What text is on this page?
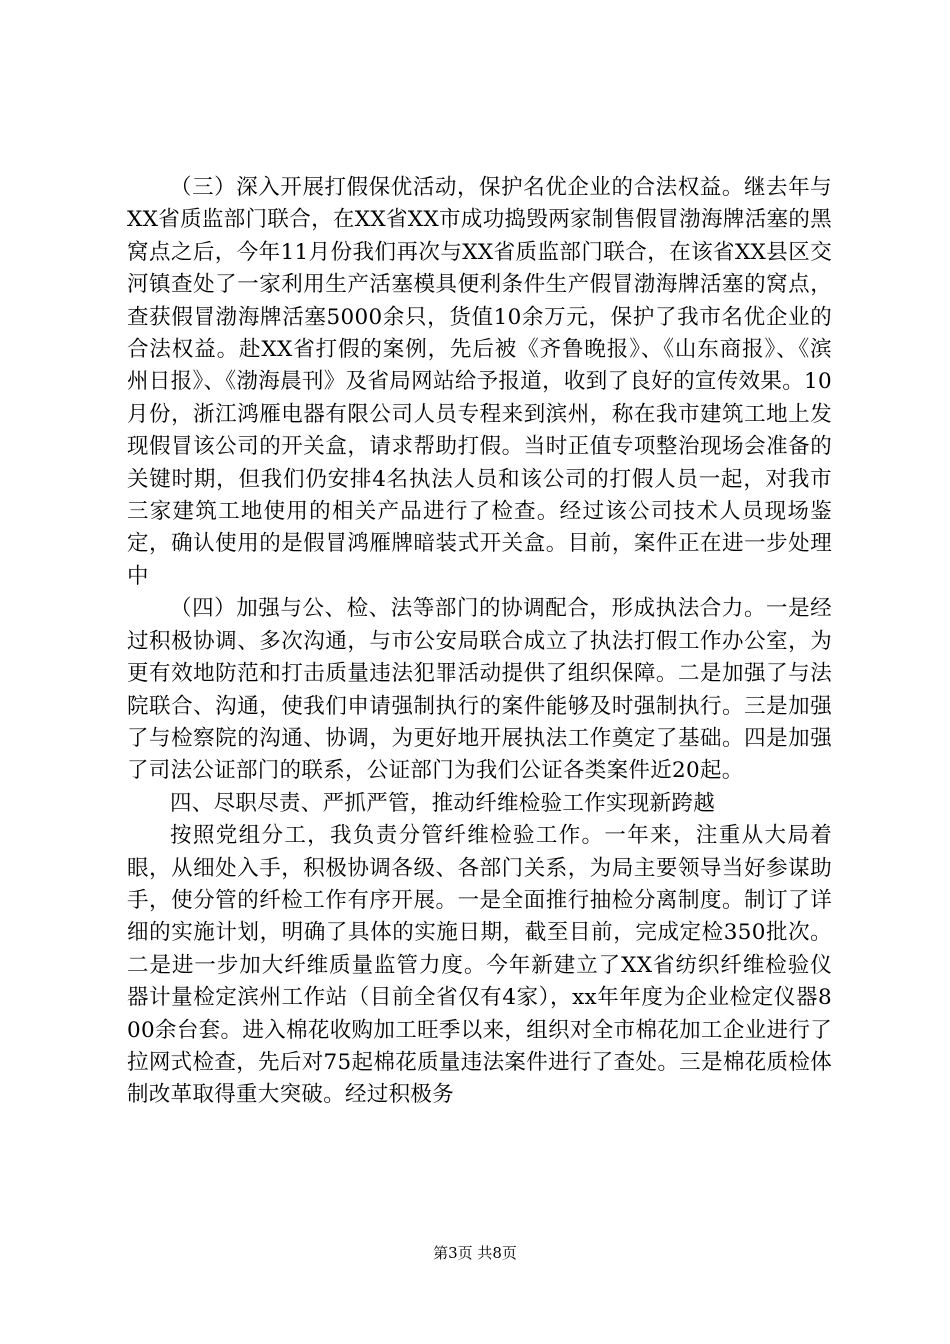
（三）深入开展打假保优活动，保护名优企业的合法权益。继去年与XX省质监部门联合，在XX省XX市成功捣毁两家制售假冒渤海牌活塞的黑窝点之后，今年11月份我们再次与XX省质监部门联合，在该省XX县区交河镇查处了一家利用生产活塞模具便利条件生产假冒渤海牌活塞的窝点，查获假冒渤海牌活塞5000余只，货值10余万元，保护了我市名优企业的合法权益。赴XX省打假的案例，先后被《齐鲁晚报》、《山东商报》、《滨州日报》、《渤海晨刊》及省局网站给予报道，收到了良好的宣传效果。10月份，浙江鸿雁电器有限公司人员专程来到滨州，称在我市建筑工地上发现假冒该公司的开关盒，请求帮助打假。当时正值专项整治现场会准备的关键时期，但我们仍安排4名执法人员和该公司的打假人员一起，对我市三家建筑工地使用的相关产品进行了检查。经过该公司技术人员现场鉴定，确认使用的是假冒鸿雁牌暗装式开关盒。目前，案件正在进一步处理中

（四）加强与公、检、法等部门的协调配合，形成执法合力。一是经过积极协调、多次沟通，与市公安局联合成立了执法打假工作办公室，为更有效地防范和打击质量违法犯罪活动提供了组织保障。二是加强了与法院联合、沟通，使我们申请强制执行的案件能够及时强制执行。三是加强了与检察院的沟通、协调，为更好地开展执法工作奠定了基础。四是加强了司法公证部门的联系，公证部门为我们公证各类案件近20起。

四、尽职尽责、严抓严管，推动纤维检验工作实现新跨越

按照党组分工，我负责分管纤维检验工作。一年来，注重从大局着眼，从细处入手，积极协调各级、各部门关系，为局主要领导当好参谋助手，使分管的纤检工作有序开展。一是全面推行抽检分离制度。制订了详细的实施计划，明确了具体的实施日期，截至目前，完成定检350批次。二是进一步加大纤维质量监管力度。今年新建立了XX省纺织纤维检验仪器计量检定滨州工作站（目前全省仅有4家），xx年年度为企业检定仪器800余台套。进入棉花收购加工旺季以来，组织对全市棉花加工企业进行了拉网式检查，先后对75起棉花质量违法案件进行了查处。三是棉花质检体制改革取得重大突破。经过积极务

第3页 共8页
